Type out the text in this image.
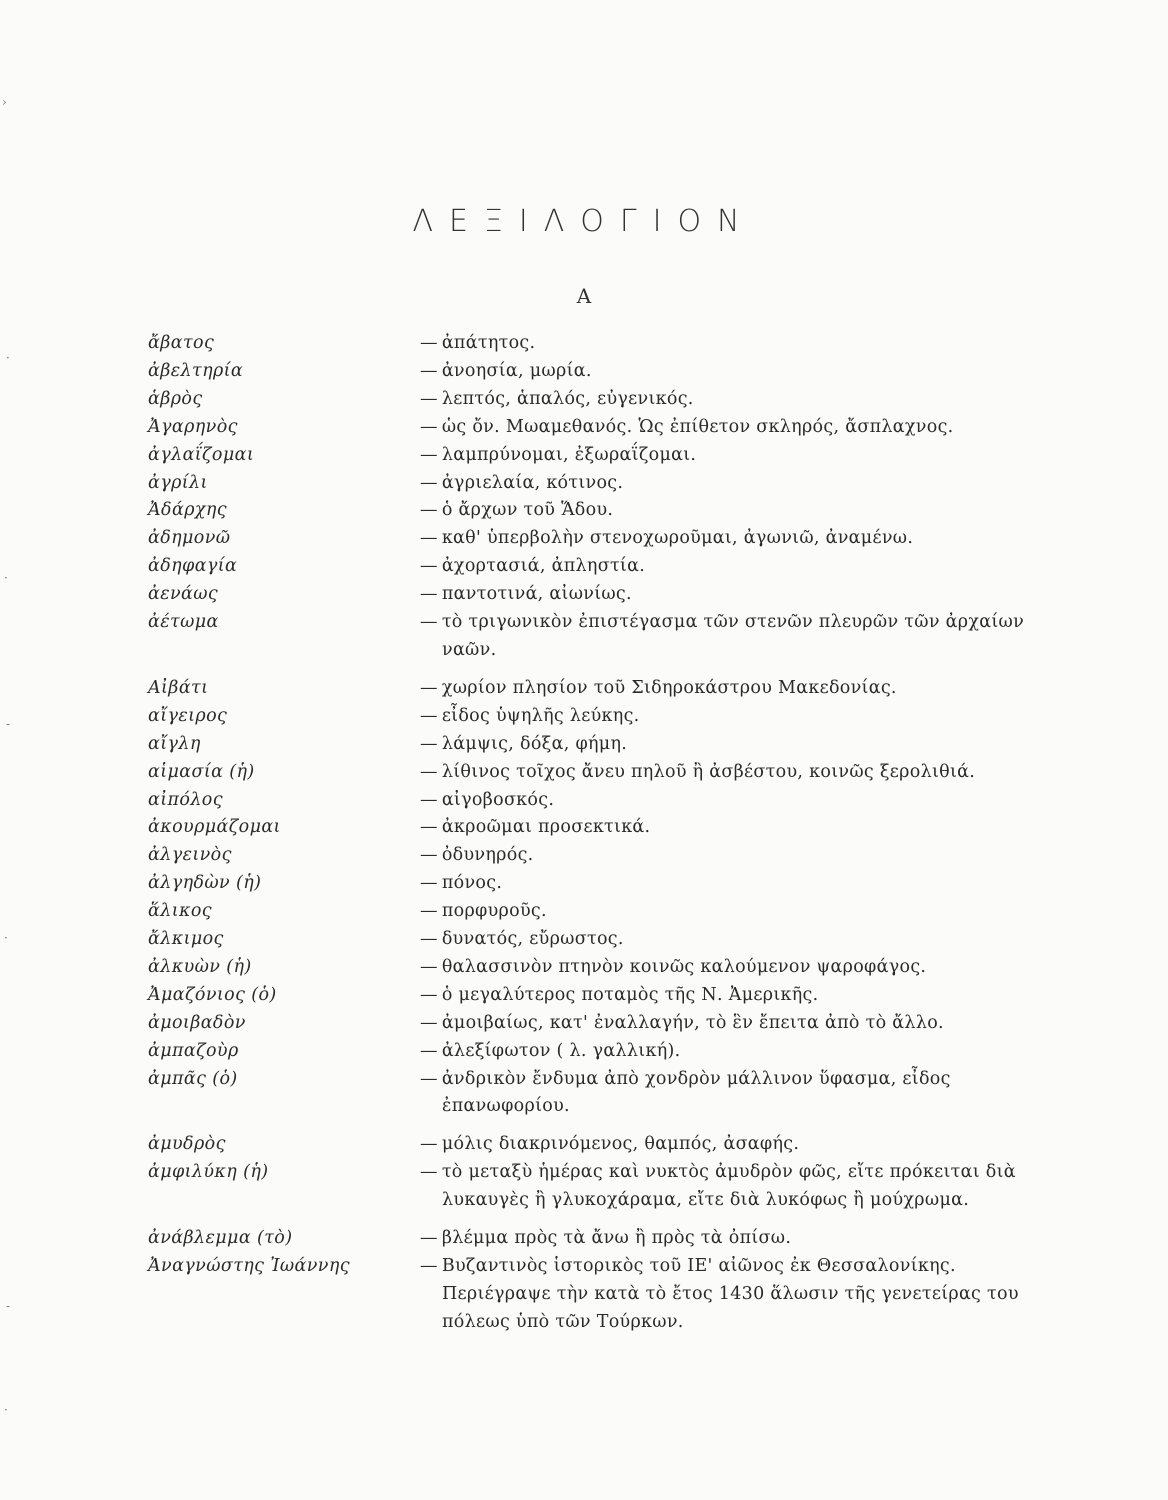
ΛΕΞΙΛΟΓΙΟΝ
Α
ἄβατος	— ἀπάτητος.
ἀβελτηρία	— ἀνοησία, μωρία.
ἁβρὸς	— λεπτός, ἁπαλός, εὐγενικός.
Ἀγαρηνὸς	— ὡς ὄν. Μωαμεθανός. Ὡς ἐπίθετον σκληρός, ἄσπλαχνος.
ἀγλαΐζομαι	— λαμπρύνομαι, ἐξωραΐζομαι.
ἀγρίλι	— ἀγριελαία, κότινος.
Ἀδάρχης	— ὁ ἄρχων τοῦ Ἅδου.
ἀδημονῶ	— καθ' ὑπερβολὴν στενοχωροῦμαι, ἀγωνιῶ, ἀναμένω.
ἀδηφαγία	— ἀχορτασιά, ἀπληστία.
ἀενάως	— παντοτινά, αἰωνίως.
ἀέτωμα	— τὸ τριγωνικὸν ἐπιστέγασμα τῶν στενῶν πλευρῶν τῶν ἀρχαίων ναῶν.
Αἰβάτι	— χωρίον πλησίον τοῦ Σιδηροκάστρου Μακεδονίας.
αἴγειρος	— εἶδος ὑψηλῆς λεύκης.
αἴγλη	— λάμψις, δόξα, φήμη.
αἱμασία (ἡ)	— λίθινος τοῖχος ἄνευ πηλοῦ ἢ ἀσβέστου, κοινῶς ξερολιθιά.
αἰπόλος	— αἰγοβοσκός.
ἀκουρμάζομαι	— ἀκροῶμαι προσεκτικά.
ἀλγεινὸς	— ὀδυνηρός.
ἀλγηδὼν (ἡ)	— πόνος.
ἅλικος	— πορφυροῦς.
ἄλκιμος	— δυνατός, εὔρωστος.
ἀλκυὼν (ἡ)	— θαλασσινὸν πτηνὸν κοινῶς καλούμενον ψαροφάγος.
Ἀμαζόνιος (ὁ)	— ὁ μεγαλύτερος ποταμὸς τῆς Ν. Ἀμερικῆς.
ἀμοιβαδὸν	— ἀμοιβαίως, κατ' ἐναλλαγήν, τὸ ἓν ἔπειτα ἀπὸ τὸ ἄλλο.
ἀμπαζοὺρ	— ἀλεξίφωτον ( λ. γαλλική).
ἀμπᾶς (ὁ)	— ἀνδρικὸν ἔνδυμα ἀπὸ χονδρὸν μάλλινον ὕφασμα, εἶδος ἐπανωφορίου.
ἀμυδρὸς	— μόλις διακρινόμενος, θαμπός, ἀσαφής.
ἀμφιλύκη (ἡ)	— τὸ μεταξὺ ἡμέρας καὶ νυκτὸς ἀμυδρὸν φῶς, εἴτε πρόκειται διὰ λυκαυγὲς ἢ γλυκοχάραμα, εἴτε διὰ λυκόφως ἢ μούχρωμα.
ἀνάβλεμμα (τὸ)	— βλέμμα πρὸς τὰ ἄνω ἢ πρὸς τὰ ὀπίσω.
Ἀναγνώστης Ἰωάννης	— Βυζαντινὸς ἱστορικὸς τοῦ ΙΕ' αἰῶνος ἐκ Θεσσαλονίκης. Περιέγραψε τὴν κατὰ τὸ ἔτος 1430 ἅλωσιν τῆς γενετείρας του πόλεως ὑπὸ τῶν Τούρκων.
›
·
·
-
·
-
·
